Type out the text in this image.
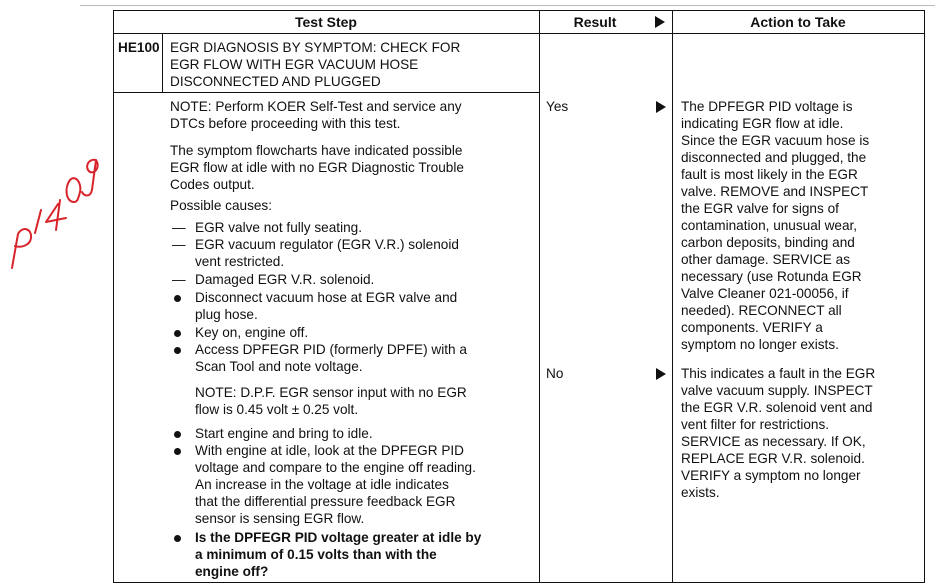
Test Step	Result	Action to Take
HE100 EGR DIAGNOSIS BY SYMPTOM: CHECK FOR
EGR FLOW WITH EGR VACUUM HOSE
DISCONNECTED AND PLUGGED
NOTE: Perform KOER Self-Test and service any
DTCs before proceeding with this test.
The symptom flowcharts have indicated possible
EGR flow at idle with no EGR Diagnostic Trouble
Codes output.
Possible causes:
— EGR valve not fully seating.
— EGR vacuum regulator (EGR V.R.) solenoid
vent restricted.
— Damaged EGR V.R. solenoid.
Disconnect vacuum hose at EGR valve and
plug hose.
Key on, engine off.
Access DPFEGR PID (formerly DPFE) with a
Scan Tool and note voltage.
NOTE: D.P.F. EGR sensor input with no EGR
flow is 0.45 volt ± 0.25 volt.
Start engine and bring to idle.
With engine at idle, look at the DPFEGR PID
voltage and compare to the engine off reading.
An increase in the voltage at idle indicates
that the differential pressure feedback EGR
sensor is sensing EGR flow.
Is the DPFEGR PID voltage greater at idle by
a minimum of 0.15 volts than with the
engine off?
Yes
No
The DPFEGR PID voltage is
indicating EGR flow at idle.
Since the EGR vacuum hose is
disconnected and plugged, the
fault is most likely in the EGR
valve. REMOVE and INSPECT
the EGR valve for signs of
contamination, unusual wear,
carbon deposits, binding and
other damage. SERVICE as
necessary (use Rotunda EGR
Valve Cleaner 021-00056, if
needed). RECONNECT all
components. VERIFY a
symptom no longer exists.
This indicates a fault in the EGR
valve vacuum supply. INSPECT
the EGR V.R. solenoid vent and
vent filter for restrictions.
SERVICE as necessary. If OK,
REPLACE EGR V.R. solenoid.
VERIFY a symptom no longer
exists.
